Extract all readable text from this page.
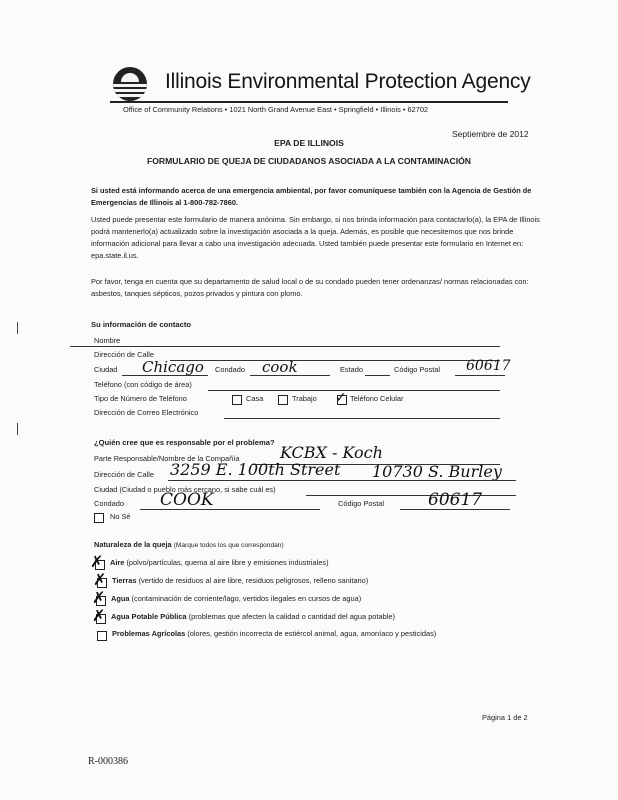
Illinois Environmental Protection Agency
Office of Community Relations • 1021 North Grand Avenue East • Springfield • Illinois • 62702
Septiembre de 2012
EPA DE ILLINOIS
FORMULARIO DE QUEJA DE CIUDADANOS ASOCIADA A LA CONTAMINACIÓN
Si usted está informando acerca de una emergencia ambiental, por favor comuníquese también con la Agencia de Gestión de Emergencias de Illinois al 1-800-782-7860.
Usted puede presentar este formulario de manera anónima. Sin embargo, si nos brinda información para contactarlo(a), la EPA de Illinois podrá mantenerlo(a) actualizado sobre la investigación asociada a la queja. Además, es posible que necesitemos que nos brinde información adicional para llevar a cabo una investigación adecuada. Usted también puede presentar este formulario en Internet en: epa.state.il.us.
Por favor, tenga en cuenta que su departamento de salud local o de su condado pueden tener ordenanzas/ normas relacionadas con: asbestos, tanques sépticos, pozos privados y pintura con plomo.
Su información de contacto
Nombre
Dirección de Calle
Ciudad Chicago Condado cook	Estado	Código Postal 60617
Teléfono (con código de área)
Tipo de Número de Teléfono	Casa	Trabajo ✓ Teléfono Celular
Dirección de Correo Electrónico
¿Quién cree que es responsable por el problema?
Parte Responsable/Nombre de la Compañía	KCBX - Koch
Dirección de Calle 3259 E. 100th Street 10730 S. Burley
Ciudad (Ciudad o pueblo más cercano, si sabe cuál es)
Condado COOK	Código Postal	60617
No Sé
Naturaleza de la queja (Marque todos los que correspondan)
✗ Aire (polvo/partículas, quema al aire libre y emisiones industriales)
✗ Tierras (vertido de residuos al aire libre, residuos peligrosos, relleno sanitario)
✗ Agua (contaminación de corriente/lago, vertidos ilegales en cursos de agua)
✗ Agua Potable Pública (problemas que afecten la calidad o cantidad del agua potable)
Problemas Agrícolas (olores, gestión incorrecta de estiércol animal, agua, amoníaco y pesticidas)
Página 1 de 2
R-000386
